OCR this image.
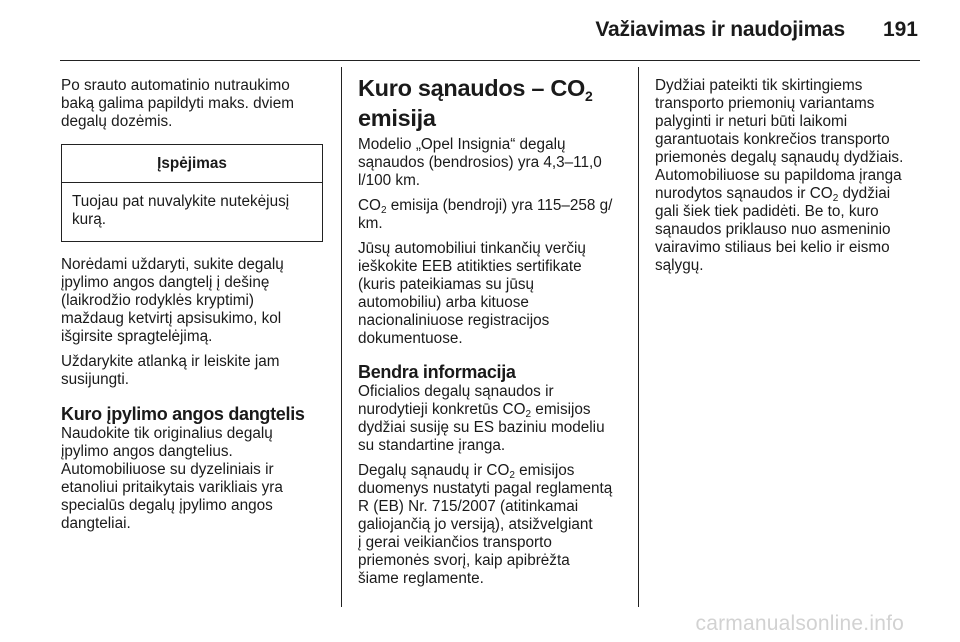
Važiavimas ir naudojimas 191

Po srauto automatinio nutraukimo
baką galima papildyti maks. dviem
degalų dozėmis.

Įspėjimas
Tuojau pat nuvalykite nutekėjusį
kurą.

Norėdami uždaryti, sukite degalų
įpylimo angos dangtelį į dešinę
(laikrodžio rodyklės kryptimi)
maždaug ketvirtį apsisukimo, kol
išgirsite spragtelėjimą.

Uždarykite atlanką ir leiskite jam
susijungti.

Kuro įpylimo angos dangtelis

Naudokite tik originalius degalų
įpylimo angos dangtelius.
Automobiliuose su dyzeliniais ir
etanoliui pritaikytais varikliais yra
specialūs degalų įpylimo angos
dangteliai.

Kuro sąnaudos – $CO_2$
emisija

Modelio „Opel Insignia“ degalų
sąnaudos (bendrosios) yra 4,3–11,0
l/100 km.

$CO_2$ emisija (bendroji) yra 115–258 g/
km.

Jūsų automobiliui tinkančių verčių
ieškokite EEB atitikties sertifikate
(kuris pateikiamas su jūsų
automobiliu) arba kituose
nacionaliniuose registracijos
dokumentuose.

Bendra informacija

Oficialios degalų sąnaudos ir
nurodytieji konkretūs $CO_2$ emisijos
dydžiai susiję su ES baziniu modeliu
su standartine įranga.

Degalų sąnaudų ir $CO_2$ emisijos
duomenys nustatyti pagal reglamentą
R (EB) Nr. 715/2007 (atitinkamai
galiojančią jo versiją), atsižvelgiant
į gerai veikiančios transporto
priemonės svorį, kaip apibrėžta
šiame reglamente.

Dydžiai pateikti tik skirtingiems
transporto priemonių variantams
palyginti ir neturi būti laikomi
garantuotais konkrečios transporto
priemonės degalų sąnaudų dydžiais.
Automobiliuose su papildoma įranga
nurodytos sąnaudos ir $CO_2$ dydžiai
gali šiek tiek padidėti. Be to, kuro
sąnaudos priklauso nuo asmeninio
vairavimo stiliaus bei kelio ir eismo
sąlygų.

carmanualsonline.info
